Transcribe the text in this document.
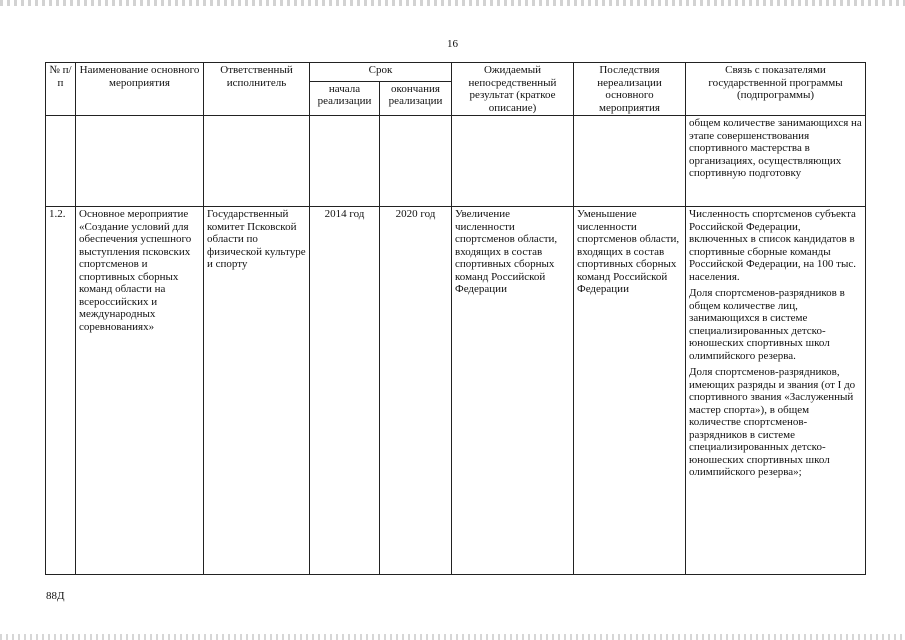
16
№ п/п	Наименование основного мероприятия	Ответственный исполнитель	Срок		Ожидаемый непосредственный результат (краткое описание)	Последствия нереализации основного мероприятия	Связь с показателями государственной программы (подпрограммы)
			начала реализации	окончания реализации			
							общем количестве занимающихся на этапе совершенствования спортивного мастерства в организациях, осуществляющих спортивную подготовку
1.2.	Основное мероприятие «Создание условий для обеспечения успешного выступления псковских спортсменов и спортивных сборных команд области на всероссийских и международных соревнованиях»	Государственный комитет Псковской области по физической культуре и спорту	2014 год	2020 год	Увеличение численности спортсменов области, входящих в состав спортивных сборных команд Российской Федерации	Уменьшение численности спортсменов области, входящих в состав спортивных сборных команд Российской Федерации	Численность спортсменов субъекта Российской Федерации, включенных в список кандидатов в спортивные сборные команды Российской Федерации, на 100 тыс. населения.
Доля спортсменов-разрядников в общем количестве лиц, занимающихся в системе специализированных детско-юношеских спортивных школ олимпийского резерва.
Доля спортсменов-разрядников, имеющих разряды и звания (от I до спортивного звания «Заслуженный мастер спорта»), в общем количестве спортсменов-разрядников в системе специализированных детско-юношеских спортивных школ олимпийского резерва»;
88Д
